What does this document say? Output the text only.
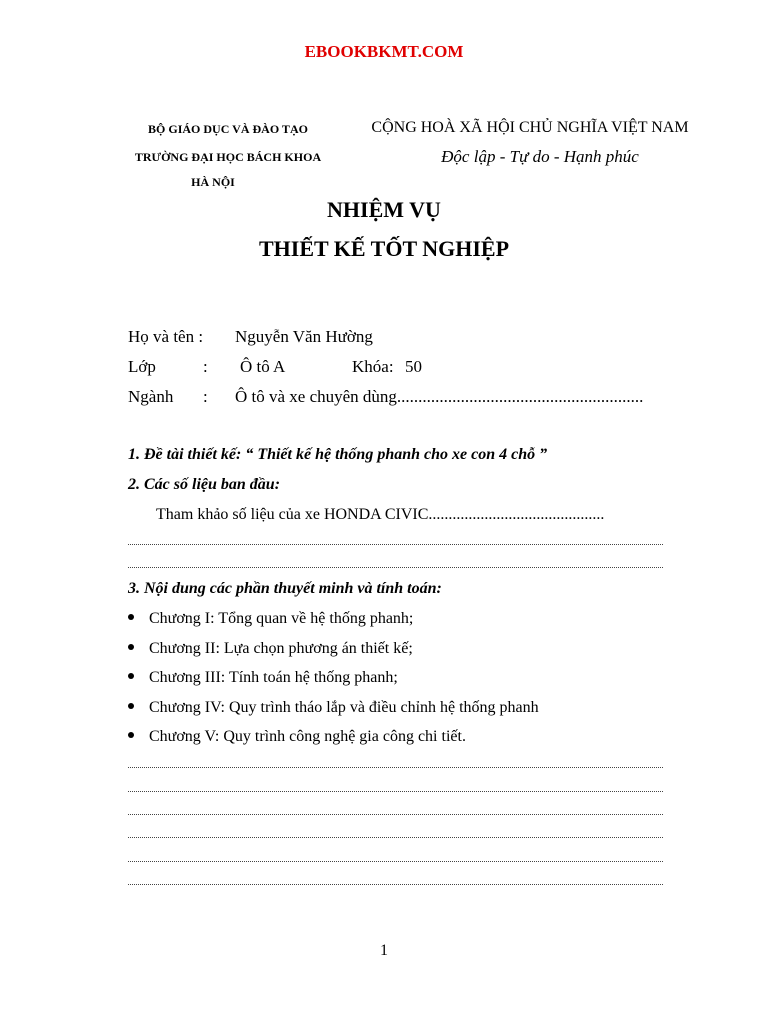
EBOOKBKMT.COM
BỘ GIÁO DỤC VÀ ĐÀO TẠO
TRƯỜNG ĐẠI HỌC BÁCH KHOA
HÀ NỘI
CỘNG HOÀ XÃ HỘI CHỦ NGHĨA VIỆT NAM
Độc lập - Tự do - Hạnh phúc
NHIỆM VỤ
THIẾT KẾ TỐT NGHIỆP
Họ và tên : Nguyễn Văn Hường
Lớp	: Ô tô A	Khóa: 50
Ngành : Ô tô và xe chuyên dùng..........................................................
1. Đề tài thiết kế: “ Thiết kế hệ thống phanh cho xe con 4 chỗ ”
2. Các số liệu ban đầu:
Tham khảo số liệu của xe HONDA CIVIC............................................
3. Nội dung các phần thuyết minh và tính toán:
Chương I: Tổng quan về hệ thống phanh;
Chương II: Lựa chọn phương án thiết kế;
Chương III: Tính toán hệ thống phanh;
Chương IV: Quy trình tháo lắp và điều chỉnh hệ thống phanh
Chương V: Quy trình công nghệ gia công chi tiết.
1
